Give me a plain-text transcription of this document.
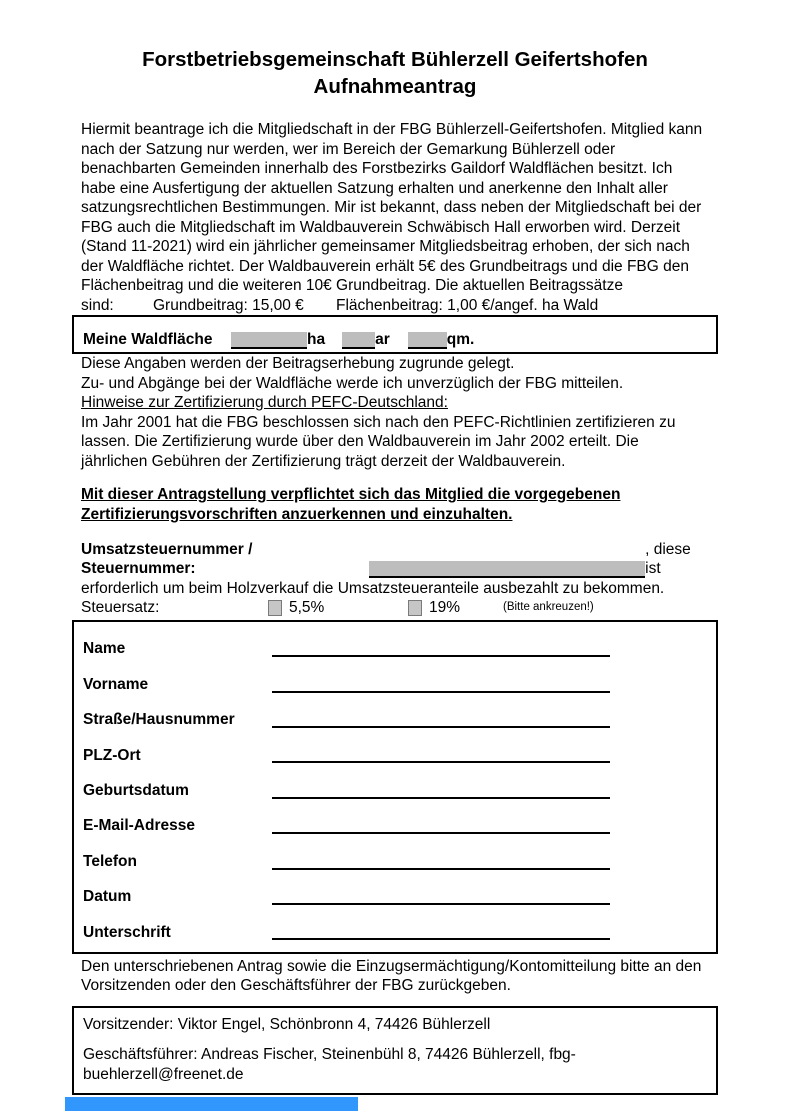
Forstbetriebsgemeinschaft Bühlerzell Geifertshofen
Aufnahmeantrag

Hiermit beantrage ich die Mitgliedschaft in der FBG Bühlerzell-Geifertshofen. Mitglied kann nach der Satzung nur werden, wer im Bereich der Gemarkung Bühlerzell oder benachbarten Gemeinden innerhalb des Forstbezirks Gaildorf Waldflächen besitzt. Ich habe eine Ausfertigung der aktuellen Satzung erhalten und anerkenne den Inhalt aller satzungsrechtlichen Bestimmungen. Mir ist bekannt, dass neben der Mitgliedschaft bei der FBG auch die Mitgliedschaft im Waldbauverein Schwäbisch Hall erworben wird. Derzeit (Stand 11-2021) wird ein jährlicher gemeinsamer Mitgliedsbeitrag erhoben, der sich nach der Waldfläche richtet. Der Waldbauverein erhält 5€ des Grundbeitrags und die FBG den Flächenbeitrag und die weiteren 10€ Grundbeitrag. Die aktuellen Beitragssätze

sind:	Grundbeitrag: 15,00 €	Flächenbeitrag: 1,00 €/angef. ha Wald
Meine Waldfläche	ha	ar	qm.

Diese Angaben werden der Beitragserhebung zugrunde gelegt.

Zu- und Abgänge bei der Waldfläche werde ich unverzüglich der FBG mitteilen.

Hinweise zur Zertifizierung durch PEFC-Deutschland:

Im Jahr 2001 hat die FBG beschlossen sich nach den PEFC-Richtlinien zertifizieren zu lassen. Die Zertifizierung wurde über den Waldbauverein im Jahr 2002 erteilt. Die jährlichen Gebühren der Zertifizierung trägt derzeit der Waldbauverein.

Mit dieser Antragstellung verpflichtet sich das Mitglied die vorgegebenen Zertifizierungsvorschriften anzuerkennen und einzuhalten.

Umsatzsteuernummer / Steuernummer:
, diese ist

erforderlich um beim Holzverkauf die Umsatzsteueranteile ausbezahlt zu bekommen.

Steuersatz:	5,5%	19%	(Bitte ankreuzen!)
Name
Vorname
Straße/Hausnummer
PLZ-Ort
Geburtsdatum
E-Mail-Adresse
Telefon
Datum
Unterschrift

Den unterschriebenen Antrag sowie die Einzugsermächtigung/Kontomitteilung bitte an den Vorsitzenden oder den Geschäftsführer der FBG zurückgeben.

Vorsitzender: Viktor Engel, Schönbronn 4, 74426 Bühlerzell

Geschäftsführer: Andreas Fischer, Steinenbühl 8, 74426 Bühlerzell, fbg-buehlerzell@freenet.de
